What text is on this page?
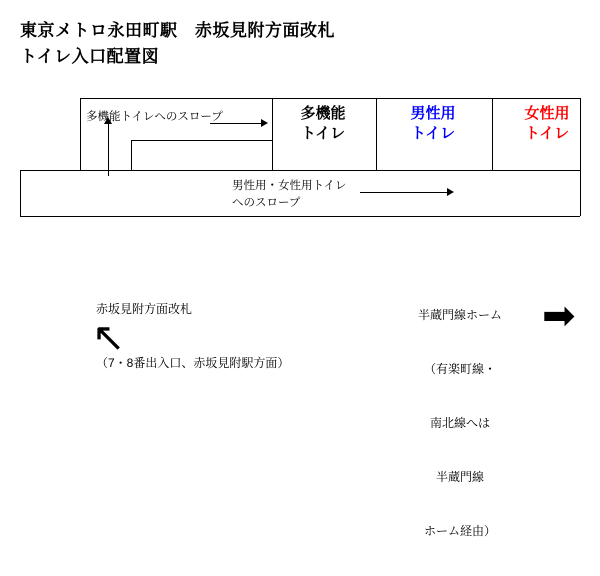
東京メトロ永田町駅　赤坂見附方面改札
トイレ入口配置図
多機能
トイレ
男性用
トイレ
女性用
トイレ
多機能トイレへのスロープ
男性用・女性用トイレ
へのスロープ

赤坂見附方面改札

（7・8番出入口、赤坂見附駅方面）

←

	半蔵門線ホーム

（有楽町線・

南北線へは

半蔵門線

ホーム経由）

➡
